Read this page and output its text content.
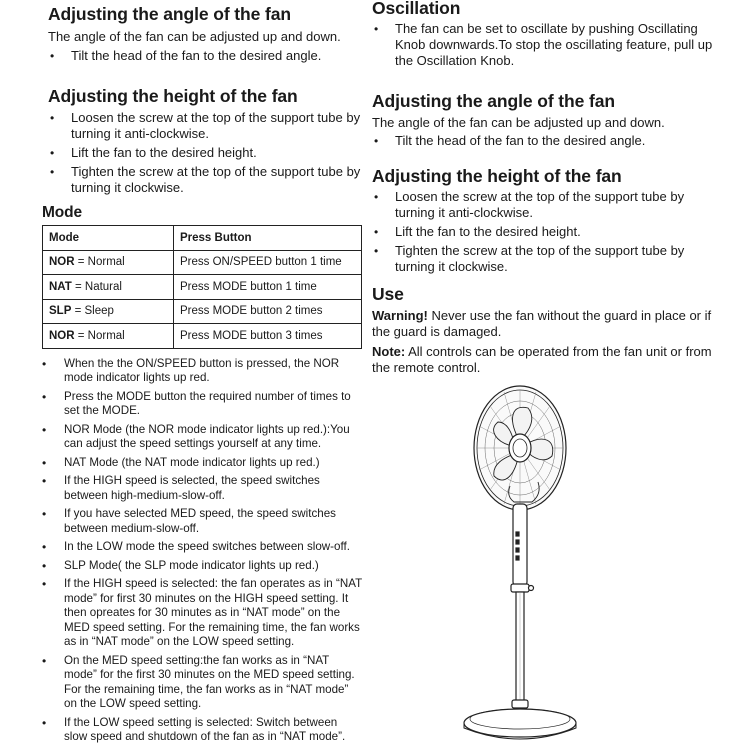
Adjusting the angle of the fan

The angle of the fan can be adjusted up and down.

• Tilt the head of the fan to the desired angle.
Adjusting the height of the fan
• Loosen the screw at the top of the support tube by turning it anti-clockwise.
• Lift the fan to the desired height.
• Tighten the screw at the top of the support tube by turning it clockwise.
Mode
Mode	Press Button
NOR = Normal	Press ON/SPEED button 1 time
NAT = Natural	Press MODE button 1 time
SLP = Sleep	Press MODE button 2 times
NOR = Normal	Press MODE button 3 times
• When the the ON/SPEED button is pressed, the NOR mode indicator lights up red.
• Press the MODE button the required number of times to set the MODE.
• NOR Mode (the NOR mode indicator lights up red.):You can adjust the speed settings yourself at any time.
• NAT Mode (the NAT mode indicator lights up red.)
• If the HIGH speed is selected, the speed switches between high-medium-slow-off.
• If you have selected MED speed, the speed switches between medium-slow-off.
• In the LOW mode the speed switches between slow-off.
• SLP Mode( the SLP mode indicator lights up red.)
• If the HIGH speed is selected: the fan operates as in “NAT mode” for first 30 minutes on the HIGH speed setting. It then opreates for 30 minutes as in “NAT mode” on the MED speed setting. For the remaining time, the fan works as in “NAT mode” on the LOW speed setting.
• On the MED speed setting:the fan works as in “NAT mode” for the first 30 minutes on the MED speed setting. For the remaining time, the fan works as in “NAT mode” on the LOW speed setting.
• If the LOW speed setting is selected: Switch between slow speed and shutdown of the fan as in “NAT mode”.
Oscillation
• The fan can be set to oscillate by pushing Oscillating Knob downwards.To stop the oscillating feature, pull up the Oscillation Knob.
Adjusting the angle of the fan

The angle of the fan can be adjusted up and down.

• Tilt the head of the fan to the desired angle.
Adjusting the height of the fan
• Loosen the screw at the top of the support tube by turning it anti-clockwise.
• Lift the fan to the desired height.
• Tighten the screw at the top of the support tube by turning it clockwise.
Use

Warning! Never use the fan without the guard in place or if the guard is damaged.

Note: All controls can be operated from the fan unit or from the remote control.
